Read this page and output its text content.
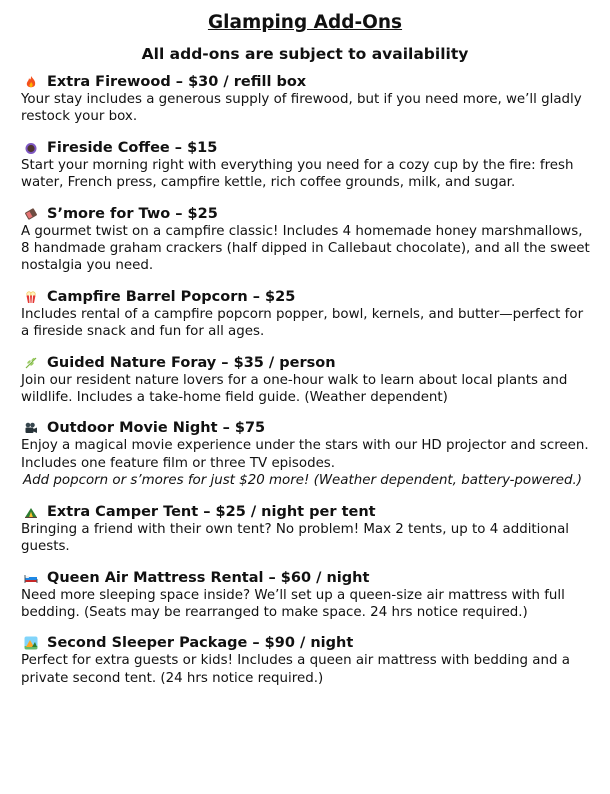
Glamping Add-Ons
All add-ons are subject to availability
Extra Firewood – $30 / refill box
Your stay includes a generous supply of firewood, but if you need more, we’ll gladly restock your box.
Fireside Coffee – $15
Start your morning right with everything you need for a cozy cup by the fire: fresh water, French press, campfire kettle, rich coffee grounds, milk, and sugar.
S’more for Two – $25
A gourmet twist on a campfire classic! Includes 4 homemade honey marshmallows, 8 handmade graham crackers (half dipped in Callebaut chocolate), and all the sweet nostalgia you need.
Campfire Barrel Popcorn – $25
Includes rental of a campfire popcorn popper, bowl, kernels, and butter—perfect for a fireside snack and fun for all ages.
Guided Nature Foray – $35 / person
Join our resident nature lovers for a one-hour walk to learn about local plants and wildlife. Includes a take-home field guide. (Weather dependent)
Outdoor Movie Night – $75
Enjoy a magical movie experience under the stars with our HD projector and screen. Includes one feature film or three TV episodes.
Add popcorn or s’mores for just $20 more! (Weather dependent, battery-powered.)
Extra Camper Tent – $25 / night per tent
Bringing a friend with their own tent? No problem! Max 2 tents, up to 4 additional guests.
Queen Air Mattress Rental – $60 / night
Need more sleeping space inside? We’ll set up a queen-size air mattress with full bedding. (Seats may be rearranged to make space. 24 hrs notice required.)
Second Sleeper Package – $90 / night
Perfect for extra guests or kids! Includes a queen air mattress with bedding and a private second tent. (24 hrs notice required.)
